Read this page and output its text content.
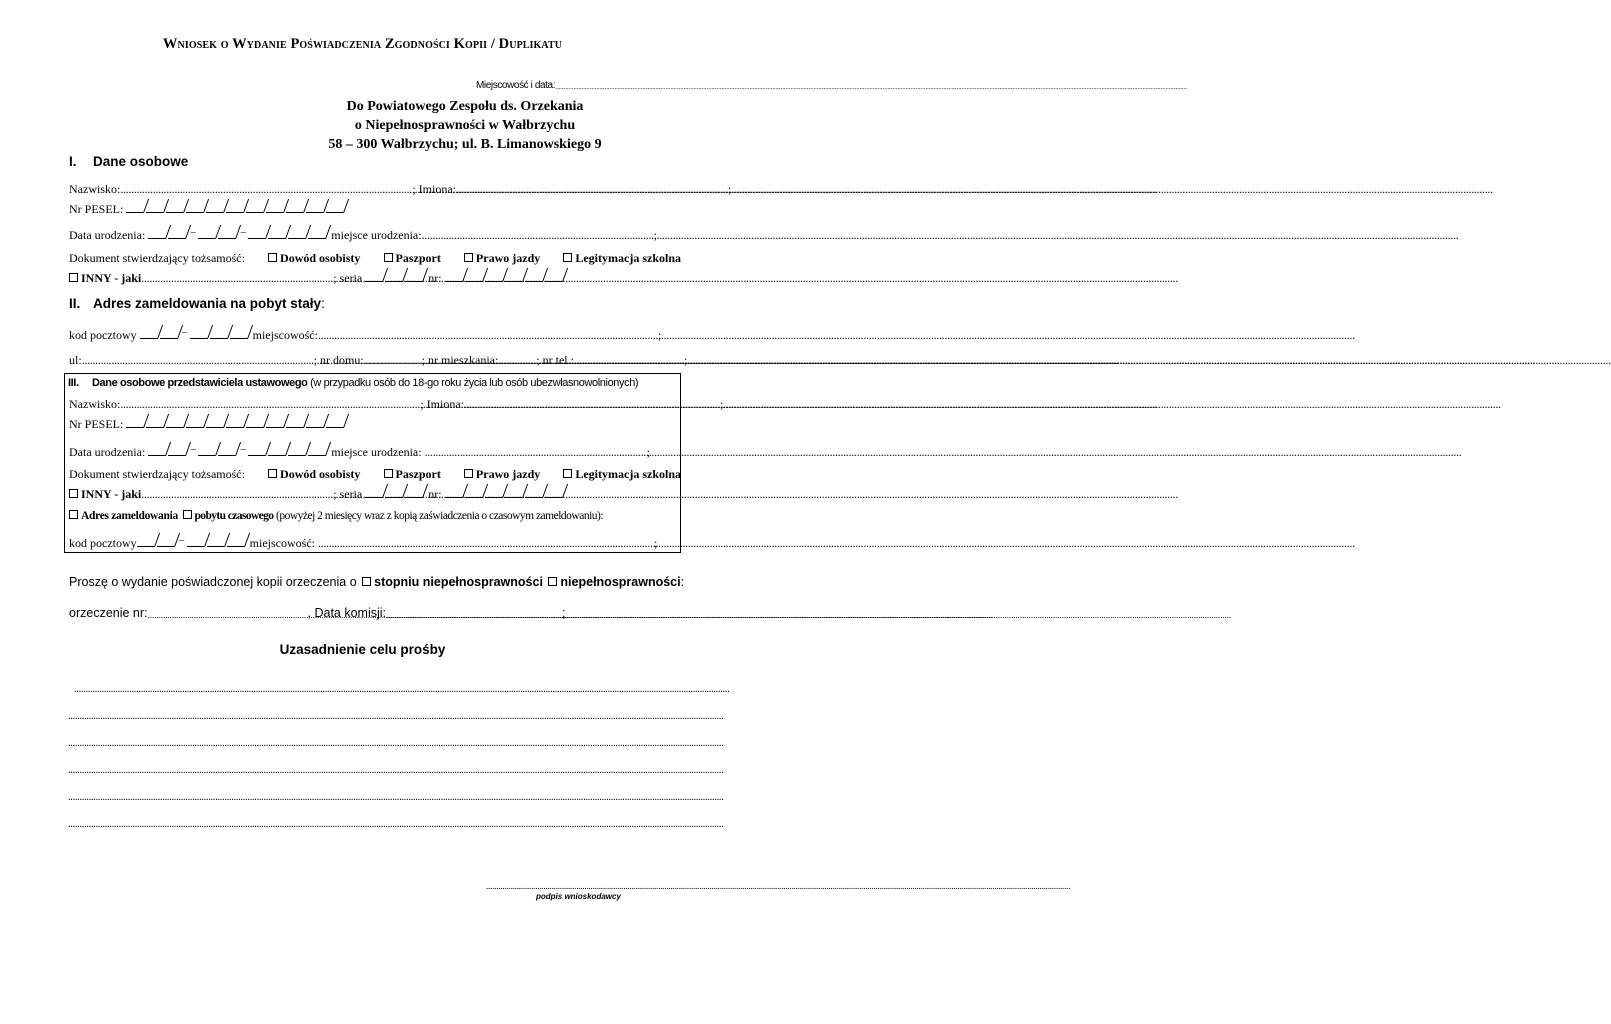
Wniosek o Wydanie Poświadczenia Zgodności Kopii / Duplikatu
Miejscowość i data:.....
Do Powiatowego Zespołu ds. Orzekania
o Niepełnosprawności w Wałbrzychu
58 – 300 Wałbrzychu; ul. B. Limanowskiego 9
I. Dane osobowe
Nazwisko: .....	; Imiona: .....	;
Nr PESEL:
Data urodzenia:	–	–	miejsce urodzenia: .....	;
Dokument stwierdzający tożsamość:	Dowód osobisty	Paszport	Prawo jazdy	Legitymacja szkolna
INNY - jaki .....	; seria	nr:
II. Adres zameldowania na pobyt stały:
kod pocztowy	–	miejscowość: .....	;
ul: .....	; nr domu: .....	; nr mieszkania: .....	; nr tel.: .....	;
III. Dane osobowe przedstawiciela ustawowego (w przypadku osób do 18-go roku życia lub osób ubezwłasnowolnionych)
Nazwisko: .....	; Imiona: .....	;
Nr PESEL:
Data urodzenia:	–	–	miejsce urodzenia: .....	;
Dokument stwierdzający tożsamość:	Dowód osobisty	Paszport	Prawo jazdy	Legitymacja szkolna
INNY - jaki .....	; seria	nr:
Adres zameldowania pobytu czasowego (powyżej 2 miesięcy wraz z kopią zaświadczenia o czasowym zameldowaniu):
kod pocztowy	–	miejscowość: .....	;
Proszę o wydanie poświadczonej kopii orzeczenia o stopniu niepełnosprawności niepełnosprawności:
orzeczenie nr: .....	, Data komisji: .....	;
Uzasadnienie celu prośby
.....
.....
.....
.....
.....
.....
.....
podpis wnioskodawcy
